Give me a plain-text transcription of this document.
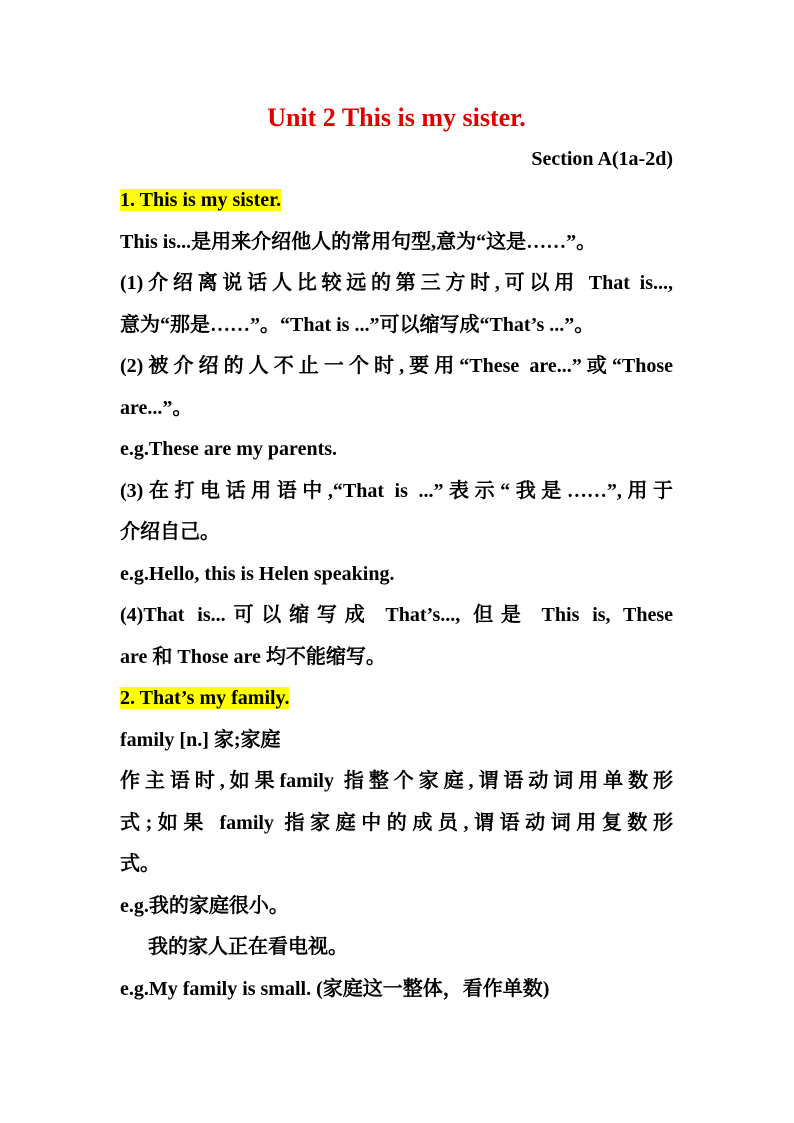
Unit 2 This is my sister.

Section A(1a-2d)

1. This is my sister.

This is...是用来介绍他人的常用句型,意为“这是……”。

(1)介绍离说话人比较远的第三方时,可以用 That is...,

意为“那是……”。“That is ...”可以缩写成“That’s ...”。

(2)被介绍的人不止一个时,要用“These are...”或“Those

are...”。

e.g.These are my parents.

(3)在打电话用语中,“That is ...”表示“我是……”,用于

介绍自己。

e.g.Hello, this is Helen speaking.

(4)That is...可以缩写成 That’s..., 但是 This is, These

are 和 Those are 均不能缩写。

2. That’s my family.

family [n.] 家;家庭

作主语时,如果family 指整个家庭,谓语动词用单数形

式;如果 family 指家庭中的成员,谓语动词用复数形

式。

e.g.我的家庭很小。

我的家人正在看电视。

e.g.My family is small. (家庭这一整体，看作单数)
